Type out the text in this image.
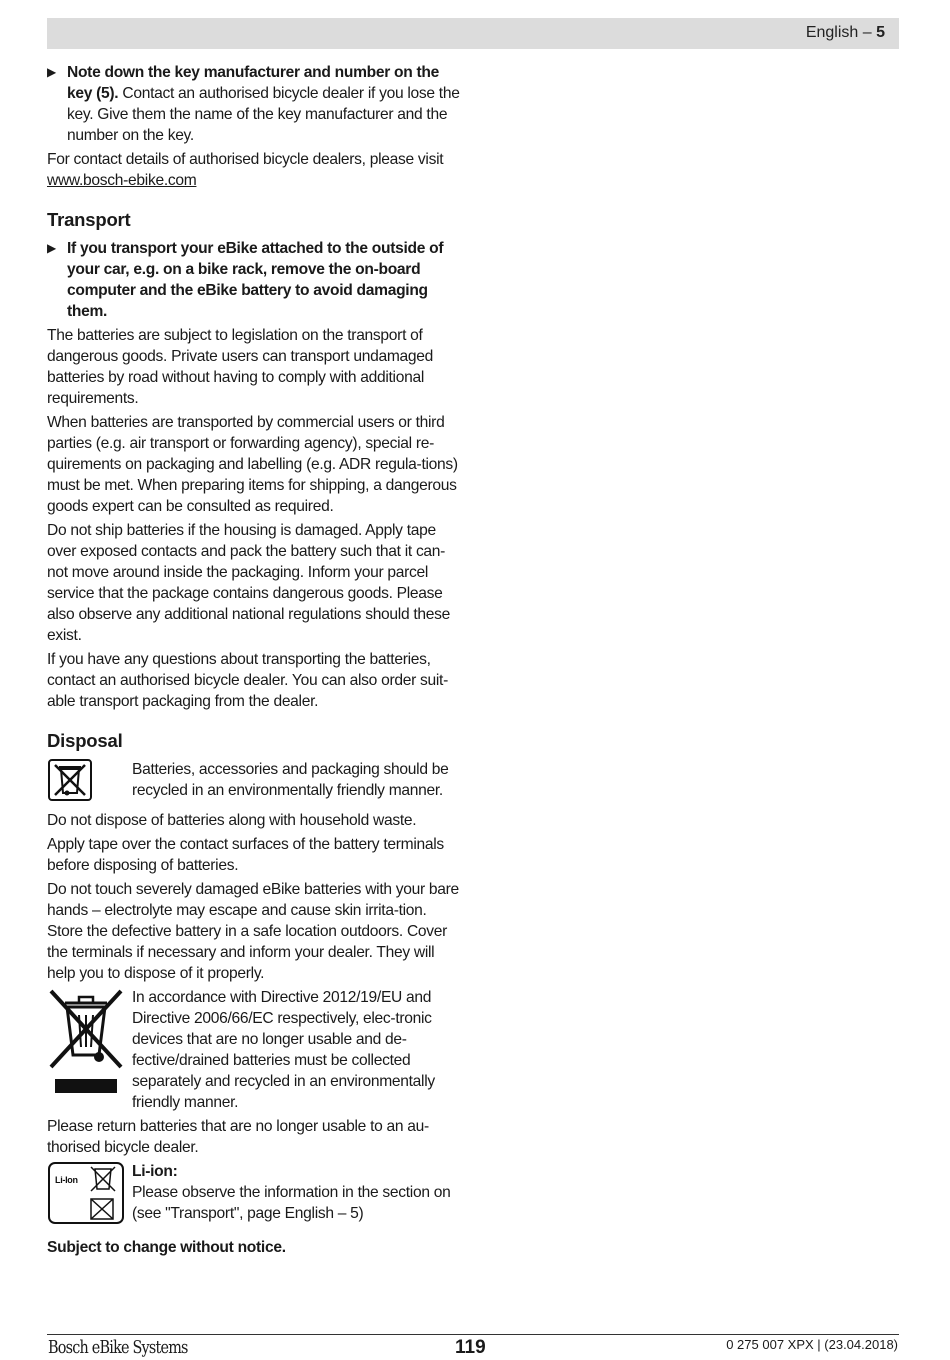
English – 5
▶ Note down the key manufacturer and number on the key (5). Contact an authorised bicycle dealer if you lose the key. Give them the name of the key manufacturer and the number on the key.

For contact details of authorised bicycle dealers, please visit
www.bosch-ebike.com

Transport
▶ If you transport your eBike attached to the outside of your car, e.g. on a bike rack, remove the on-board computer and the eBike battery to avoid damaging them.

The batteries are subject to legislation on the transport of dangerous goods. Private users can transport undamaged batteries by road without having to comply with additional requirements.

When batteries are transported by commercial users or third parties (e.g. air transport or forwarding agency), special re-quirements on packaging and labelling (e.g. ADR regula-tions) must be met. When preparing items for shipping, a dangerous goods expert can be consulted as required.

Do not ship batteries if the housing is damaged. Apply tape over exposed contacts and pack the battery such that it can-not move around inside the packaging. Inform your parcel service that the package contains dangerous goods. Please also observe any additional national regulations should these exist.

If you have any questions about transporting the batteries, contact an authorised bicycle dealer. You can also order suit-able transport packaging from the dealer.

Disposal
Batteries, accessories and packaging should be recycled in an environmentally friendly manner.

Do not dispose of batteries along with household waste.

Apply tape over the contact surfaces of the battery terminals before disposing of batteries.

Do not touch severely damaged eBike batteries with your bare hands – electrolyte may escape and cause skin irrita-tion. Store the defective battery in a safe location outdoors. Cover the terminals if necessary and inform your dealer. They will help you to dispose of it properly.

In accordance with Directive 2012/19/EU and Directive 2006/66/EC respectively, elec-tronic devices that are no longer usable and de-fective/drained batteries must be collected separately and recycled in an environmentally friendly manner.

Please return batteries that are no longer usable to an au-thorised bicycle dealer.

Li-Ion	Li-ion:
Please observe the information in the section on (see "Transport", page English – 5)

Subject to change without notice.

Bosch eBike Systems	119	0 275 007 XPX | (23.04.2018)
